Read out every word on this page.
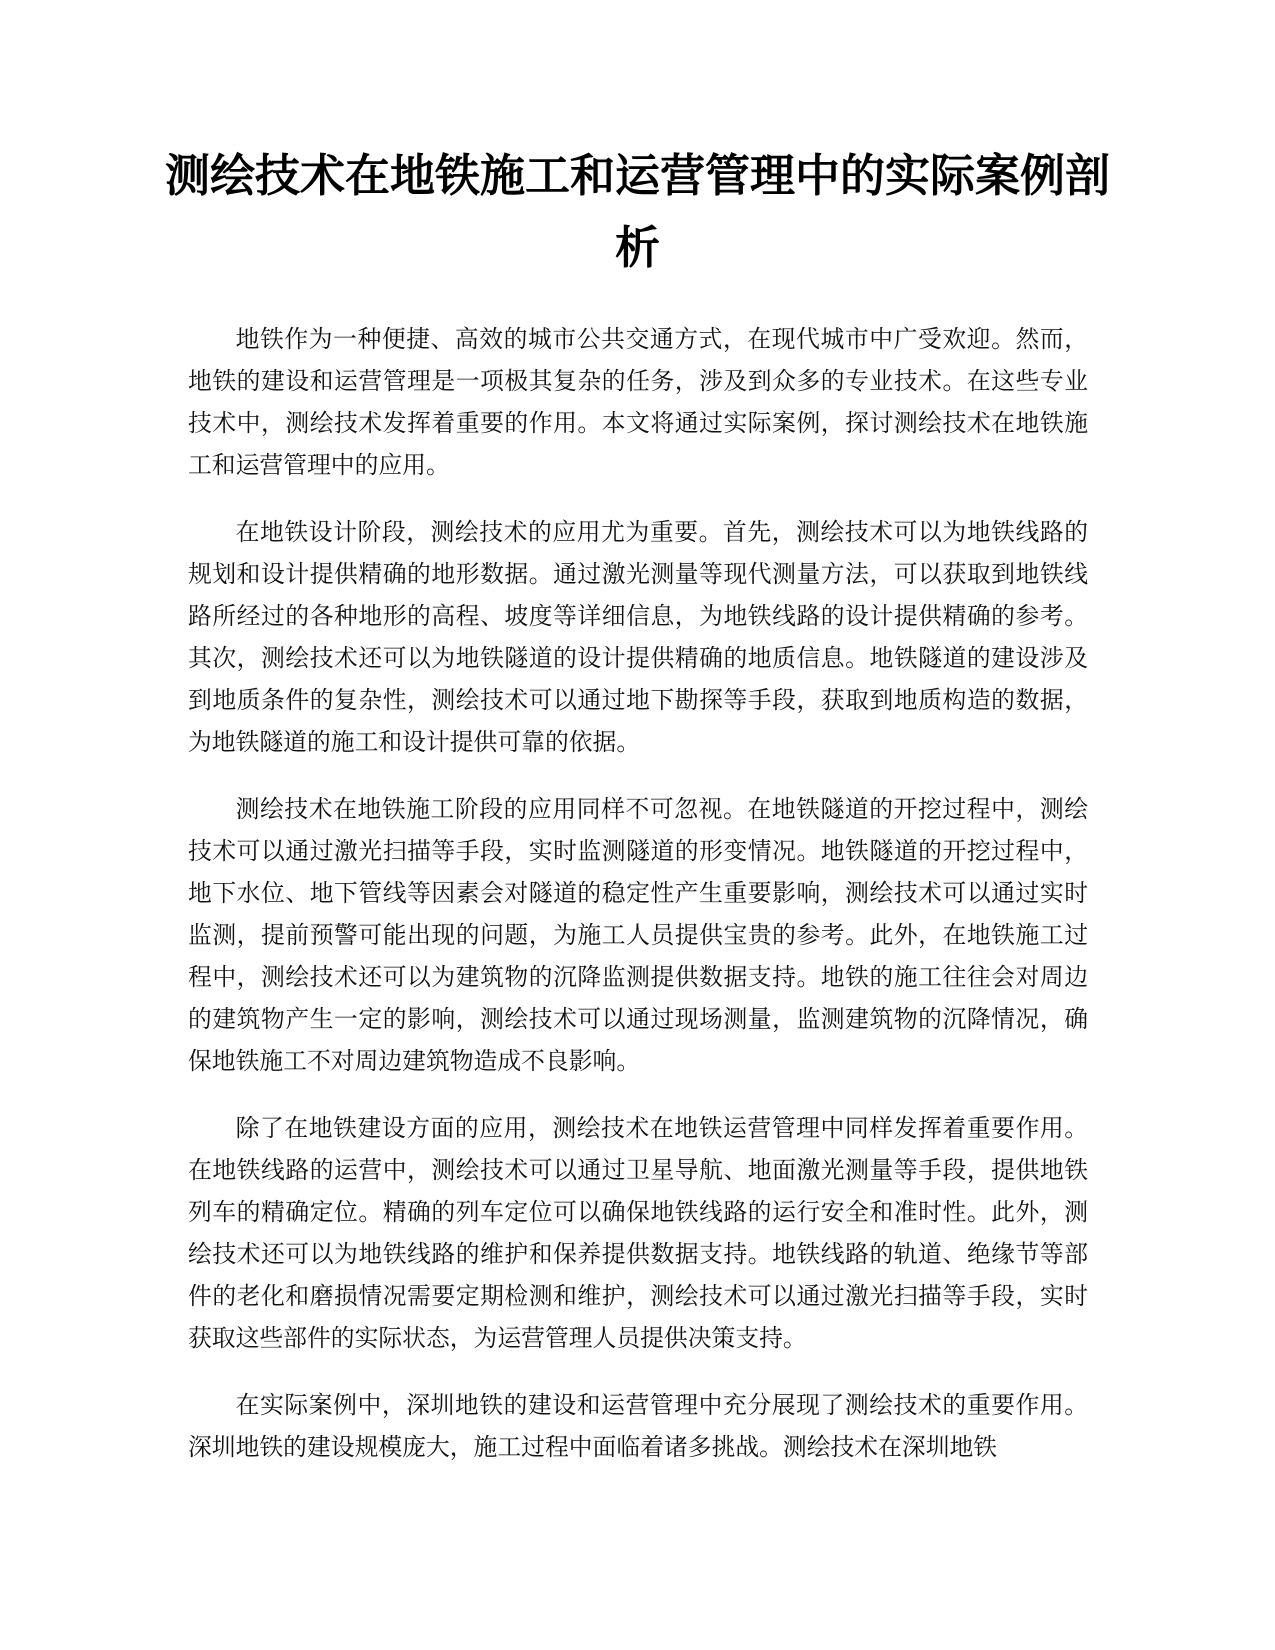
测绘技术在地铁施工和运营管理中的实际案例剖析

地铁作为一种便捷、高效的城市公共交通方式，在现代城市中广受欢迎。然而，地铁的建设和运营管理是一项极其复杂的任务，涉及到众多的专业技术。在这些专业技术中，测绘技术发挥着重要的作用。本文将通过实际案例，探讨测绘技术在地铁施工和运营管理中的应用。

在地铁设计阶段，测绘技术的应用尤为重要。首先，测绘技术可以为地铁线路的规划和设计提供精确的地形数据。通过激光测量等现代测量方法，可以获取到地铁线路所经过的各种地形的高程、坡度等详细信息，为地铁线路的设计提供精确的参考。其次，测绘技术还可以为地铁隧道的设计提供精确的地质信息。地铁隧道的建设涉及到地质条件的复杂性，测绘技术可以通过地下勘探等手段，获取到地质构造的数据，为地铁隧道的施工和设计提供可靠的依据。

测绘技术在地铁施工阶段的应用同样不可忽视。在地铁隧道的开挖过程中，测绘技术可以通过激光扫描等手段，实时监测隧道的形变情况。地铁隧道的开挖过程中，地下水位、地下管线等因素会对隧道的稳定性产生重要影响，测绘技术可以通过实时监测，提前预警可能出现的问题，为施工人员提供宝贵的参考。此外，在地铁施工过程中，测绘技术还可以为建筑物的沉降监测提供数据支持。地铁的施工往往会对周边的建筑物产生一定的影响，测绘技术可以通过现场测量，监测建筑物的沉降情况，确保地铁施工不对周边建筑物造成不良影响。

除了在地铁建设方面的应用，测绘技术在地铁运营管理中同样发挥着重要作用。在地铁线路的运营中，测绘技术可以通过卫星导航、地面激光测量等手段，提供地铁列车的精确定位。精确的列车定位可以确保地铁线路的运行安全和准时性。此外，测绘技术还可以为地铁线路的维护和保养提供数据支持。地铁线路的轨道、绝缘节等部件的老化和磨损情况需要定期检测和维护，测绘技术可以通过激光扫描等手段，实时获取这些部件的实际状态，为运营管理人员提供决策支持。

在实际案例中，深圳地铁的建设和运营管理中充分展现了测绘技术的重要作用。深圳地铁的建设规模庞大，施工过程中面临着诸多挑战。测绘技术在深圳地铁
